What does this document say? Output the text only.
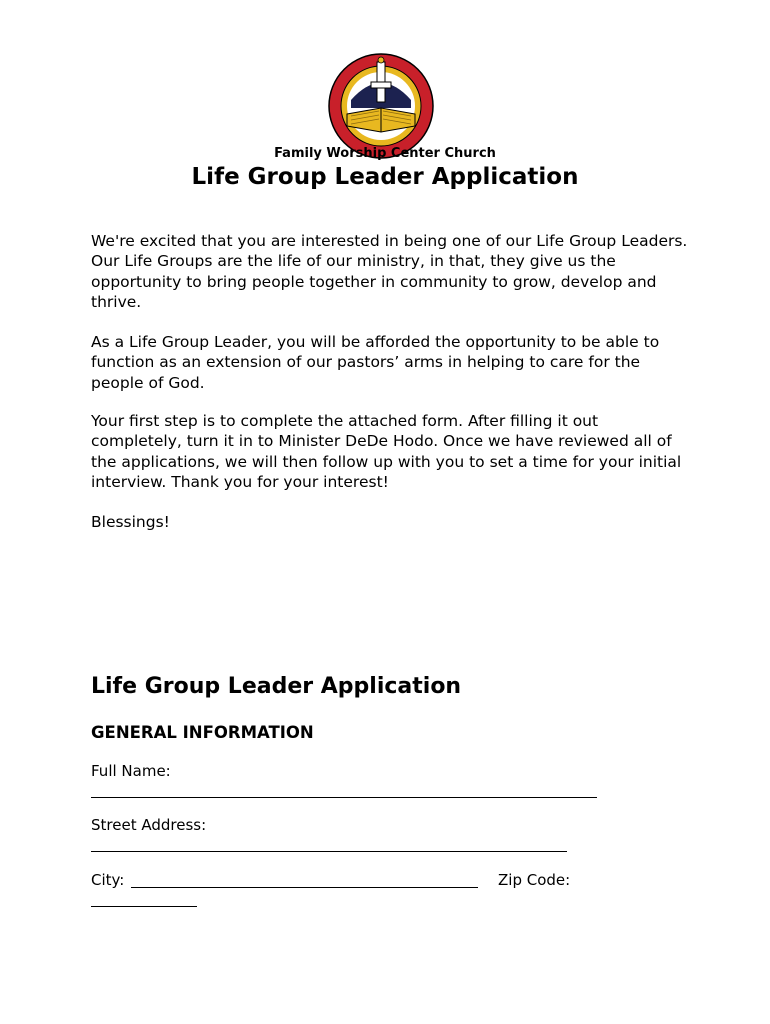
Family Worship Center Church
Life Group Leader Application

We're excited that you are interested in being one of our Life Group Leaders. Our Life Groups are the life of our ministry, in that, they give us the opportunity to bring people together in community to grow, develop and thrive.

As a Life Group Leader, you will be afforded the opportunity to be able to function as an extension of our pastors’ arms in helping to care for the people of God.

Your first step is to complete the attached form. After filling it out completely, turn it in to Minister DeDe Hodo. Once we have reviewed all of the applications, we will then follow up with you to set a time for your initial interview. Thank you for your interest!

Blessings!

Life Group Leader Application
GENERAL INFORMATION
Full Name:
Street Address:
City:	Zip Code:
